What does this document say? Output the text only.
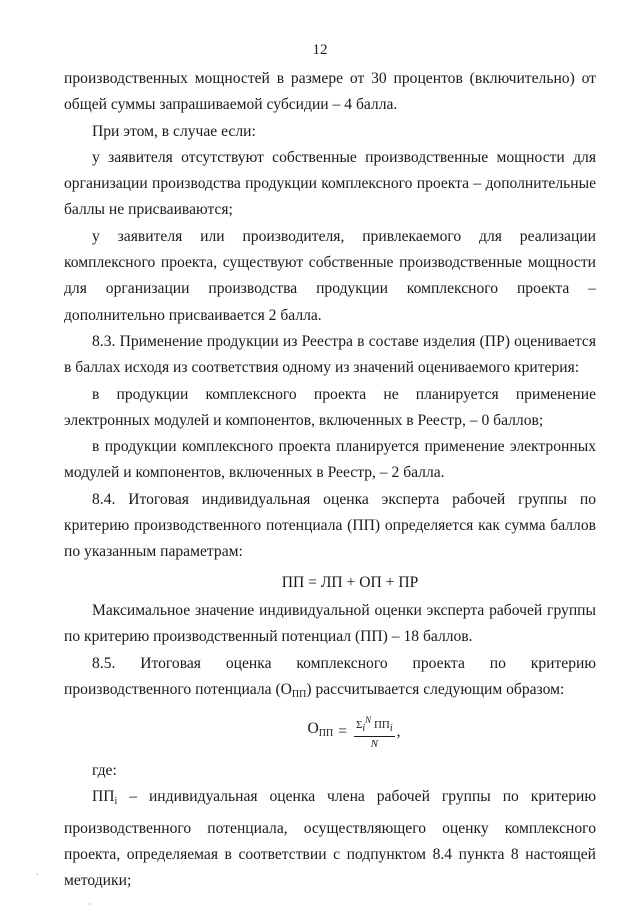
12

производственных мощностей в размере от 30 процентов (включительно) от общей суммы запрашиваемой субсидии – 4 балла.

При этом, в случае если:

у заявителя отсутствуют собственные производственные мощности для организации производства продукции комплексного проекта – дополнительные баллы не присваиваются;

у заявителя или производителя, привлекаемого для реализации комплексного проекта, существуют собственные производственные мощности для организации производства продукции комплексного проекта – дополнительно присваивается 2 балла.

8.3. Применение продукции из Реестра в составе изделия (ПР) оценивается в баллах исходя из соответствия одному из значений оцениваемого критерия:

в продукции комплексного проекта не планируется применение электронных модулей и компонентов, включенных в Реестр, – 0 баллов;

в продукции комплексного проекта планируется применение электронных модулей и компонентов, включенных в Реестр, – 2 балла.

8.4. Итоговая индивидуальная оценка эксперта рабочей группы по критерию производственного потенциала (ПП) определяется как сумма баллов по указанным параметрам:

ПП = ЛП + ОП + ПР

Максимальное значение индивидуальной оценки эксперта рабочей группы по критерию производственный потенциал (ПП) – 18 баллов.

8.5. Итоговая оценка комплексного проекта по критерию производственного потенциала $(О_{ПП})$ рассчитывается следующим образом:

$О_{ПП} = \frac{\Sigma i^N ППi}{N}$ ,

где:

$ПП_i$ – индивидуальная оценка члена рабочей группы по критерию производственного потенциала, осуществляющего оценку комплексного проекта, определяемая в соответствии с подпунктом 8.4 пункта 8 настоящей методики;

·
·
